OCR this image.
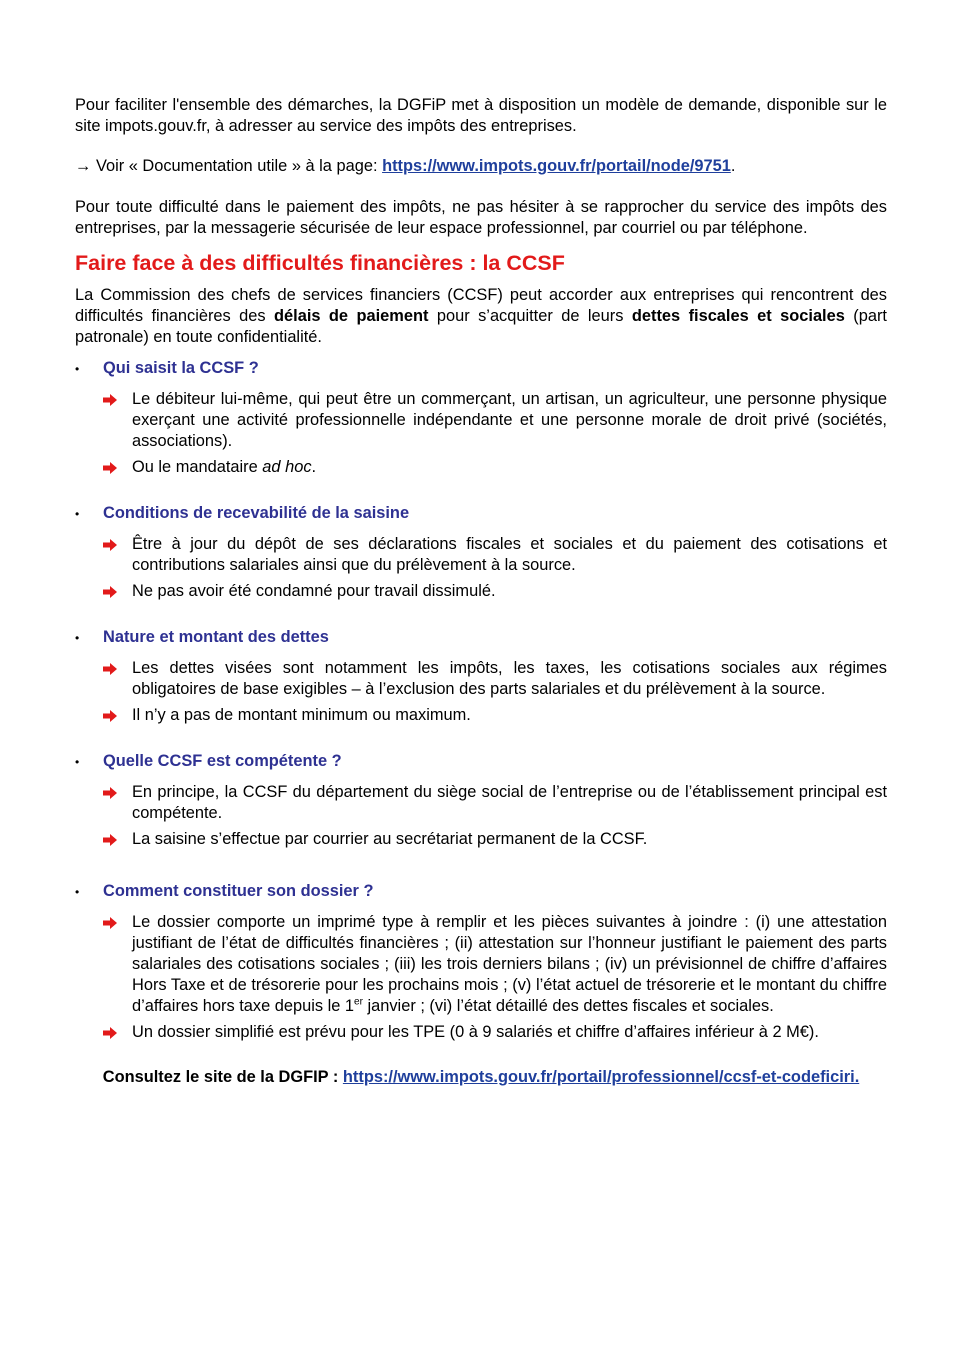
Pour faciliter l'ensemble des démarches, la DGFiP met à disposition un modèle de demande, disponible sur le site impots.gouv.fr, à adresser au service des impôts des entreprises.

→ Voir « Documentation utile » à la page: https://www.impots.gouv.fr/portail/node/9751.

Pour toute difficulté dans le paiement des impôts, ne pas hésiter à se rapprocher du service des impôts des entreprises, par la messagerie sécurisée de leur espace professionnel, par courriel ou par téléphone.

Faire face à des difficultés financières : la CCSF

La Commission des chefs de services financiers (CCSF) peut accorder aux entreprises qui rencontrent des difficultés financières des délais de paiement pour s’acquitter de leurs dettes fiscales et sociales (part patronale) en toute confidentialité.

•	Qui saisit la CCSF ?
Le débiteur lui-même, qui peut être un commerçant, un artisan, un agriculteur, une personne physique exerçant une activité professionnelle indépendante et une personne morale de droit privé (sociétés, associations).
Ou le mandataire ad hoc.
•	Conditions de recevabilité de la saisine
Être à jour du dépôt de ses déclarations fiscales et sociales et du paiement des cotisations et contributions salariales ainsi que du prélèvement à la source.
Ne pas avoir été condamné pour travail dissimulé.
•	Nature et montant des dettes
Les dettes visées sont notamment les impôts, les taxes, les cotisations sociales aux régimes obligatoires de base exigibles – à l’exclusion des parts salariales et du prélèvement à la source.
Il n’y a pas de montant minimum ou maximum.
•	Quelle CCSF est compétente ?
En principe, la CCSF du département du siège social de l’entreprise ou de l’établissement principal est compétente.
La saisine s’effectue par courrier au secrétariat permanent de la CCSF.
•	Comment constituer son dossier ?
Le dossier comporte un imprimé type à remplir et les pièces suivantes à joindre : (i) une attestation justifiant de l’état de difficultés financières ; (ii) attestation sur l’honneur justifiant le paiement des parts salariales des cotisations sociales ; (iii) les trois derniers bilans ; (iv) un prévisionnel de chiffre d’affaires Hors Taxe et de trésorerie pour les prochains mois ; (v) l’état actuel de trésorerie et le montant du chiffre d’affaires hors taxe depuis le 1er janvier ; (vi) l’état détaillé des dettes fiscales et sociales.
Un dossier simplifié est prévu pour les TPE (0 à 9 salariés et chiffre d’affaires inférieur à 2 M€).
Consultez le site de la DGFIP : https://www.impots.gouv.fr/portail/professionnel/ccsf-et-codeficiri.
